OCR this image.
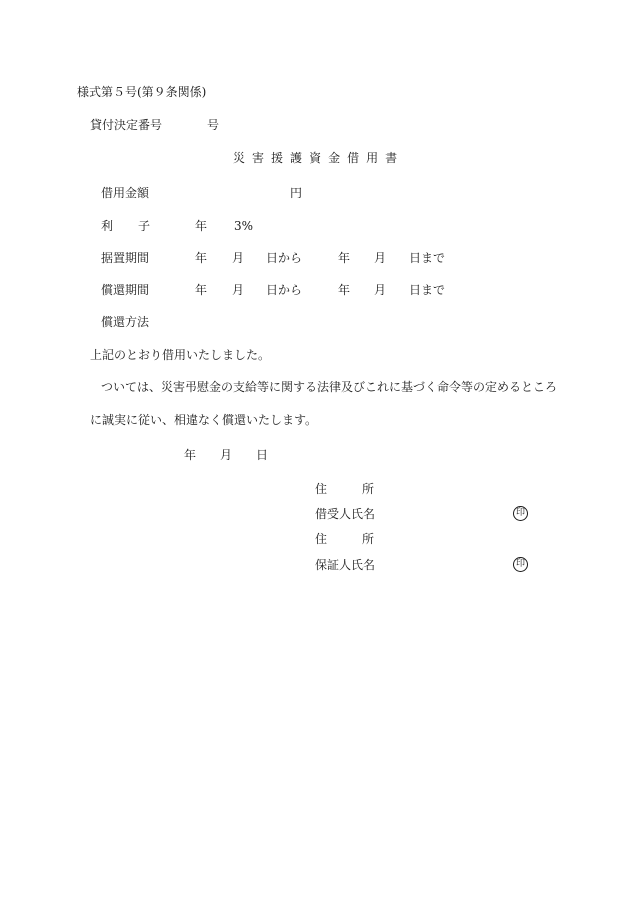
様式第５号(第９条関係)
貸付決定番号	号
災 害 援 護 資 金 借 用 書
借用金額	円
利 子	年 3%
据置期間	年 月 日から	年 月 日まで
償還期間	年 月 日から	年 月 日まで
償還方法
上記のとおり借用いたしました。
ついては、災害弔慰金の支給等に関する法律及びこれに基づく命令等の定めるところ
に誠実に従い、相違なく償還いたします。
年 月 日
住	所
借受人氏名	印
住	所
保証人氏名	印
